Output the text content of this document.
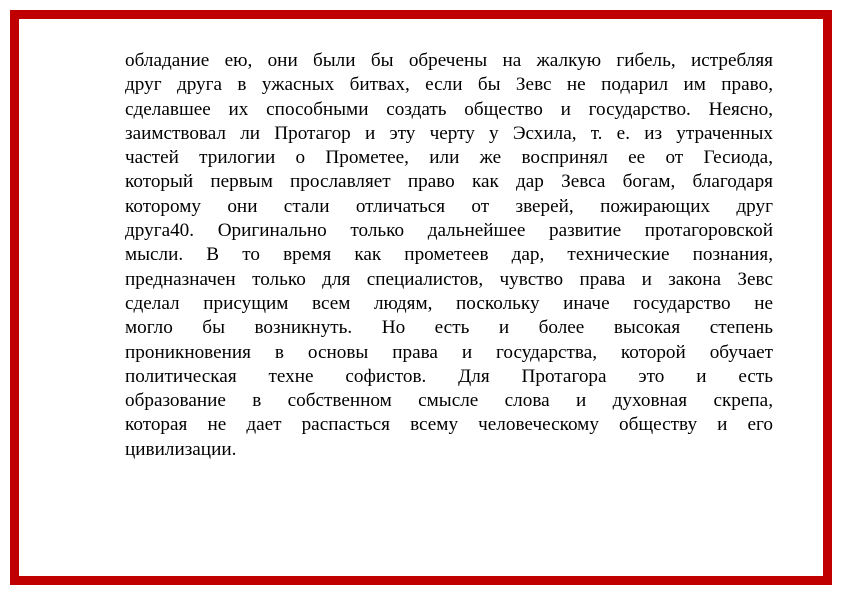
обладание ею, они были бы обречены на жалкую гибель, истребляя
друг друга в ужасных битвах, если бы Зевс не подарил им право,
сделавшее их способными создать общество и государство. Неясно,
заимствовал ли Протагор и эту черту у Эсхила, т. е. из утраченных
частей трилогии о Прометее, или же воспринял ее от Гесиода,
который первым прославляет право как дар Зевса богам, благодаря
которому они стали отличаться от зверей, пожирающих друг
друга40. Оригинально только дальнейшее развитие протагоровской
мысли. В то время как прометеев дар, технические познания,
предназначен только для специалистов, чувство права и закона Зевс
сделал присущим всем людям, поскольку иначе государство не
могло бы возникнуть. Но есть и более высокая степень
проникновения в основы права и государства, которой обучает
политическая техне софистов. Для Протагора это и есть
образование в собственном смысле слова и духовная скрепа,
которая не дает распасться всему человеческому обществу и его
цивилизации.
